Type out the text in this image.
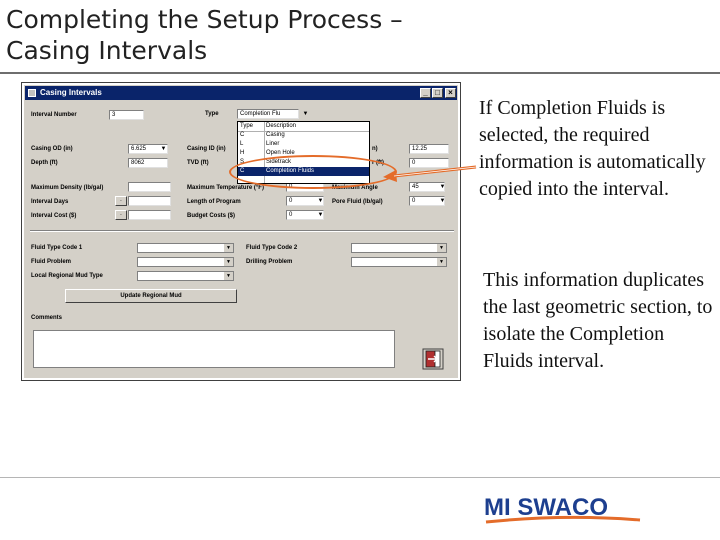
Completing the Setup Process –
Casing Intervals
Casing Intervals	_ □	×
Interval Number	3	Type	Completion Flu	▼
Casing OD (in)	6.625	▼	Casing ID (in)	n)	12.25
Depth (ft)	8062	TVD (ft)	r (ft)	0
Maximum Density (lb/gal)	Maximum Temperature (°F)	0	Maximum Angle	45	▼
Interval Days	.	Length of Program	0	▼ Pore Fluid (lb/gal)	0	▼
Interval Cost ($)	.	Budget Costs ($)	0	▼
Fluid Type Code 1	▼	Fluid Type Code 2	▼
Fluid Problem	▼	Drilling Problem	▼
Local Regional Mud Type	▼
Update Regional Mud
Comments
Type	Description
C	Casing
L	Liner
H	Open Hole
S	Sidetrack
C	Completion Fluids
If Completion Fluids is selected, the required information is automatically copied into the interval.
This information duplicates the last geometric section, to isolate the Completion Fluids interval.
MI SWACO
